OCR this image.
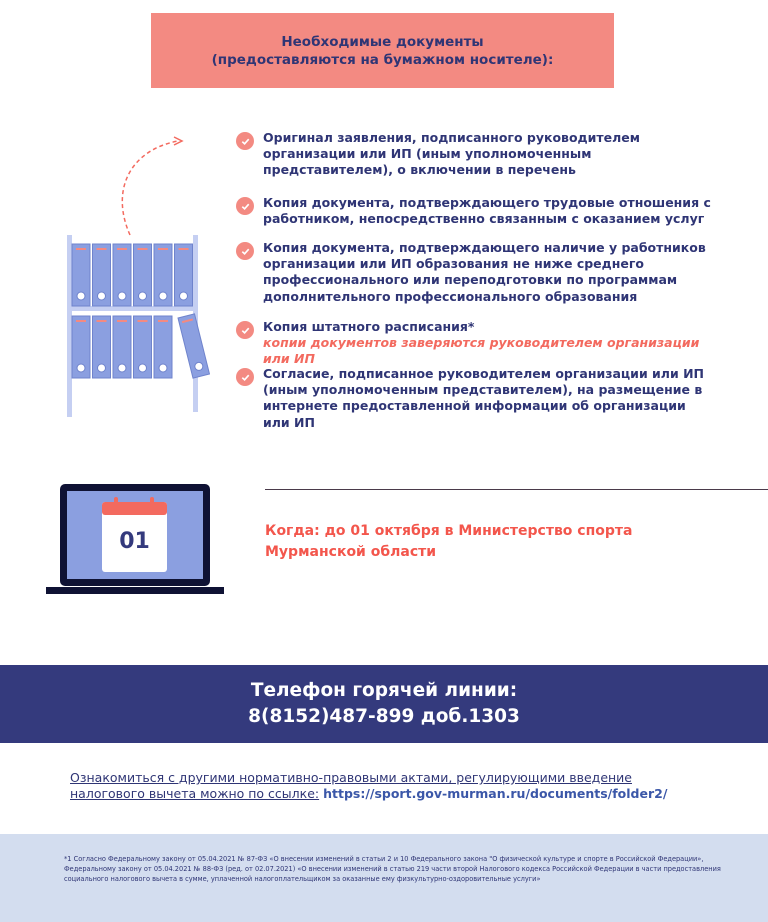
Необходимые документы
(предоставляются на бумажном носителе):
Оригинал заявления, подписанного руководителем организации или ИП (иным уполномоченным представителем), о включении в перечень
Копия документа, подтверждающего трудовые отношения с работником, непосредственно связанным с оказанием услуг
Копия документа, подтверждающего наличие у работников организации или ИП образования не ниже среднего профессионального или переподготовки по программам дополнительного профессионального образования
Копия штатного расписания*
копии документов заверяются руководителем организации или ИП
Согласие, подписанное руководителем организации или ИП (иным уполномоченным представителем), на размещение в интернете предоставленной информации об организации или ИП
01	Когда: до 01 октября в Министерство спорта
Мурманской области
Телефон горячей линии:
8(8152)487-899 доб.1303
Ознакомиться с другими нормативно-правовыми актами, регулирующими введение
налогового вычета можно по ссылке: https://sport.gov-murman.ru/documents/folder2/
*1 Согласно Федеральному закону от 05.04.2021 № 87-ФЗ «О внесении изменений в статьи 2 и 10 Федерального закона "О физической культуре и спорте в Российской Федерации», Федеральному закону от 05.04.2021 № 88-ФЗ (ред. от 02.07.2021) «О внесении изменений в статью 219 части второй Налогового кодекса Российской Федерации в части предоставления социального налогового вычета в сумме, уплаченной налогоплательщиком за оказанные ему физкультурно-оздоровительные услуги»
